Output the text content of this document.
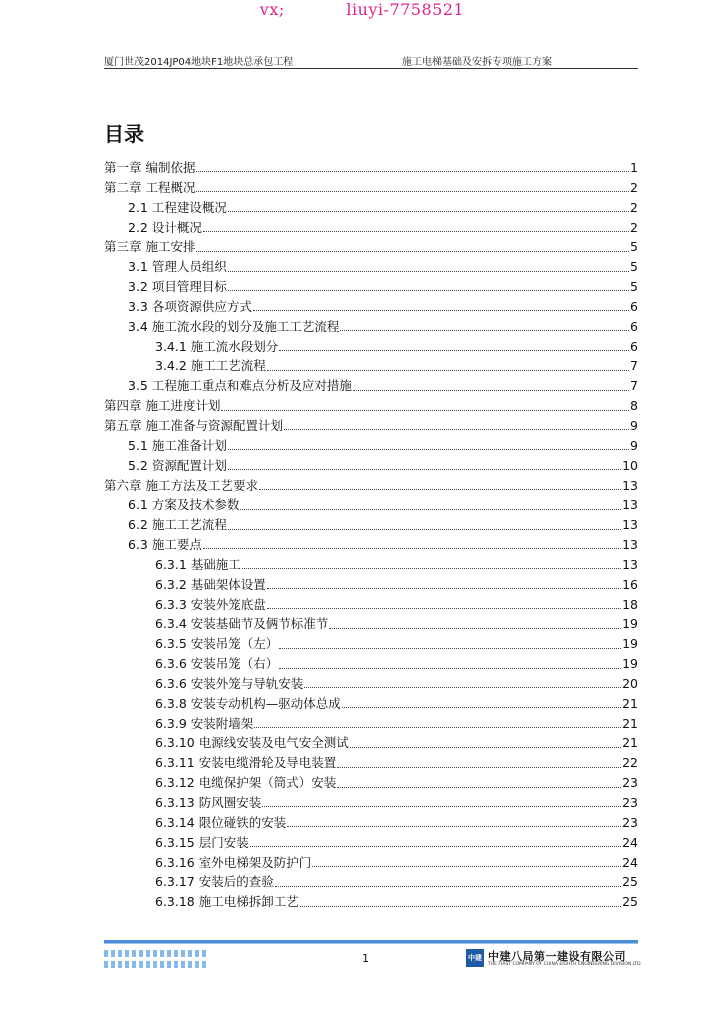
vx;	liuyi-7758521
厦门世茂2014JP04地块F1地块总承包工程	施工电梯基础及安拆专项施工方案
目录
第一章 编制依据	1
第二章 工程概况	2
2.1 工程建设概况	2
2.2 设计概况	2
第三章 施工安排	5
3.1 管理人员组织	5
3.2 项目管理目标	5
3.3 各项资源供应方式	6
3.4 施工流水段的划分及施工工艺流程	6
3.4.1 施工流水段划分	6
3.4.2 施工工艺流程	7
3.5 工程施工重点和难点分析及应对措施	7
第四章 施工进度计划	8
第五章 施工准备与资源配置计划	9
5.1 施工准备计划	9
5.2 资源配置计划	10
第六章 施工方法及工艺要求	13
6.1 方案及技术参数	13
6.2 施工工艺流程	13
6.3 施工要点	13
6.3.1 基础施工	13
6.3.2 基础架体设置	16
6.3.3 安装外笼底盘	18
6.3.4 安装基础节及俩节标准节	19
6.3.5 安装吊笼（左）	19
6.3.6 安装吊笼（右）	19
6.3.6 安装外笼与导轨安装	20
6.3.8 安装专动机构—驱动体总成	21
6.3.9 安装附墙架	21
6.3.10 电源线安装及电气安全测试	21
6.3.11 安装电缆滑轮及导电装置	22
6.3.12 电缆保护架（筒式）安装	23
6.3.13 防风圈安装	23
6.3.14 限位碰铁的安装	23
6.3.15 层门安装	24
6.3.16 室外电梯架及防护门	24
6.3.17 安装后的查验	25
6.3.18 施工电梯拆卸工艺	25
1	中建 中建八局第一建设有限公司
THE FIRST COMPANY OF CHINA EIGHTH ENGINEERING DIVISION LTD.
